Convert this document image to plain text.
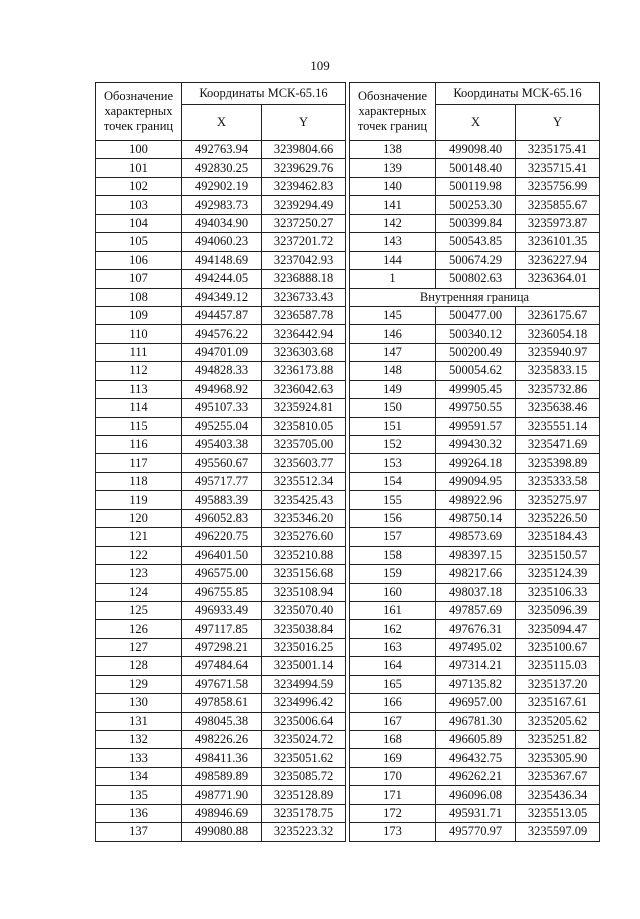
109
Обозначение характерных точек границ	Координаты МСК-65.16	
	X	Y
100	492763.94	3239804.66
101	492830.25	3239629.76
102	492902.19	3239462.83
103	492983.73	3239294.49
104	494034.90	3237250.27
105	494060.23	3237201.72
106	494148.69	3237042.93
107	494244.05	3236888.18
108	494349.12	3236733.43
109	494457.87	3236587.78
110	494576.22	3236442.94
111	494701.09	3236303.68
112	494828.33	3236173.88
113	494968.92	3236042.63
114	495107.33	3235924.81
115	495255.04	3235810.05
116	495403.38	3235705.00
117	495560.67	3235603.77
118	495717.77	3235512.34
119	495883.39	3235425.43
120	496052.83	3235346.20
121	496220.75	3235276.60
122	496401.50	3235210.88
123	496575.00	3235156.68
124	496755.85	3235108.94
125	496933.49	3235070.40
126	497117.85	3235038.84
127	497298.21	3235016.25
128	497484.64	3235001.14
129	497671.58	3234994.59
130	497858.61	3234996.42
131	498045.38	3235006.64
132	498226.26	3235024.72
133	498411.36	3235051.62
134	498589.89	3235085.72
135	498771.90	3235128.89
136	498946.69	3235178.75
137	499080.88	3235223.32
Обозначение характерных точек границ	Координаты МСК-65.16	
	X	Y
138	499098.40	3235175.41
139	500148.40	3235715.41
140	500119.98	3235756.99
141	500253.30	3235855.67
142	500399.84	3235973.87
143	500543.85	3236101.35
144	500674.29	3236227.94
1	500802.63	3236364.01
Внутренняя граница		
145	500477.00	3236175.67
146	500340.12	3236054.18
147	500200.49	3235940.97
148	500054.62	3235833.15
149	499905.45	3235732.86
150	499750.55	3235638.46
151	499591.57	3235551.14
152	499430.32	3235471.69
153	499264.18	3235398.89
154	499094.95	3235333.58
155	498922.96	3235275.97
156	498750.14	3235226.50
157	498573.69	3235184.43
158	498397.15	3235150.57
159	498217.66	3235124.39
160	498037.18	3235106.33
161	497857.69	3235096.39
162	497676.31	3235094.47
163	497495.02	3235100.67
164	497314.21	3235115.03
165	497135.82	3235137.20
166	496957.00	3235167.61
167	496781.30	3235205.62
168	496605.89	3235251.82
169	496432.75	3235305.90
170	496262.21	3235367.67
171	496096.08	3235436.34
172	495931.71	3235513.05
173	495770.97	3235597.09
